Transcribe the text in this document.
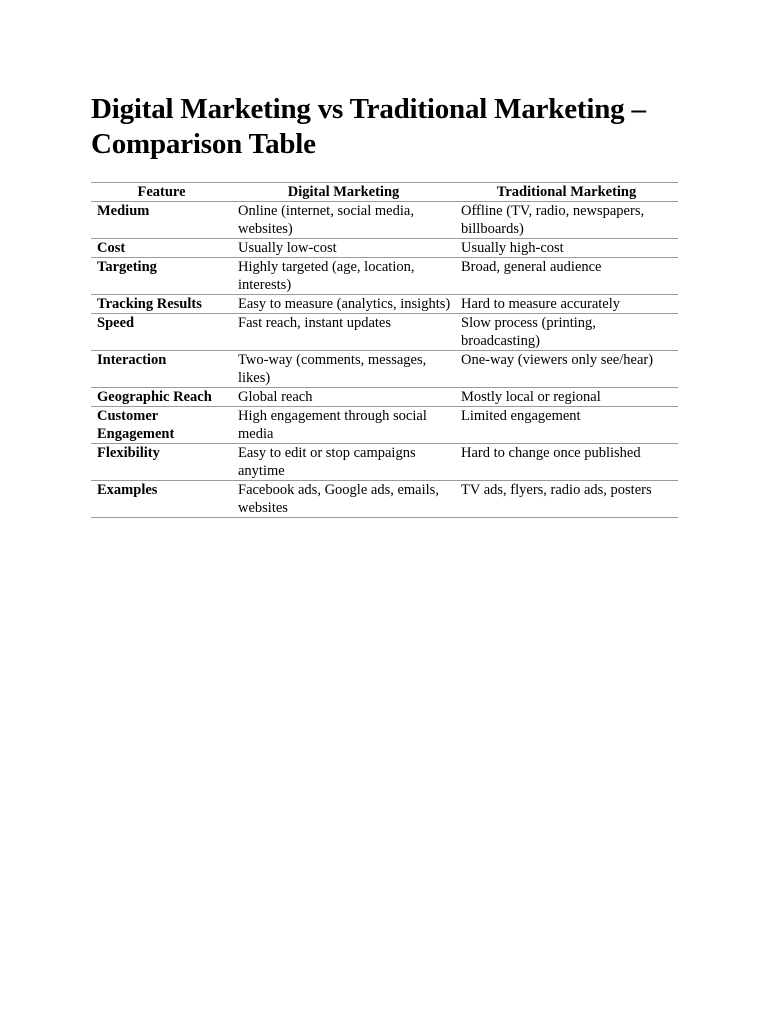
Digital Marketing vs Traditional Marketing – Comparison Table
Feature	Digital Marketing	Traditional Marketing
Medium	Online (internet, social media, websites)	Offline (TV, radio, newspapers, billboards)
Cost	Usually low-cost	Usually high-cost
Targeting	Highly targeted (age, location, interests)	Broad, general audience
Tracking Results	Easy to measure (analytics, insights)	Hard to measure accurately
Speed	Fast reach, instant updates	Slow process (printing, broadcasting)
Interaction	Two-way (comments, messages, likes)	One-way (viewers only see/hear)
Geographic Reach	Global reach	Mostly local or regional
Customer Engagement	High engagement through social media	Limited engagement
Flexibility	Easy to edit or stop campaigns anytime	Hard to change once published
Examples	Facebook ads, Google ads, emails, websites	TV ads, flyers, radio ads, posters
